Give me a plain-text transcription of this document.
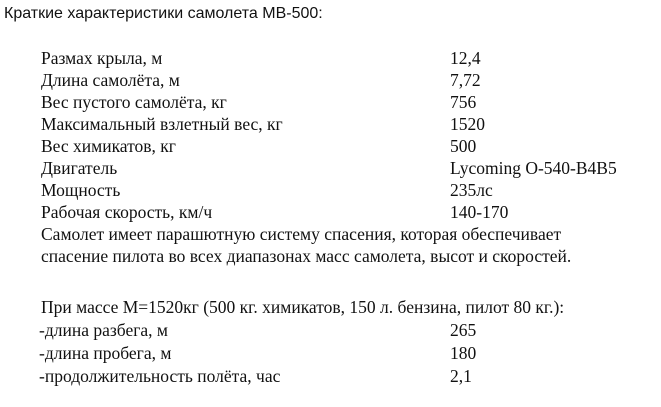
Краткие характеристики самолета МВ-500:
Размах крыла, м	12,4
Длина самолёта, м	7,72
Вес пустого самолёта, кг	756
Максимальный взлетный вес, кг	1520
Вес химикатов, кг	500
Двигатель	Lycoming O-540-B4B5
Мощность	235лс
Рабочая скорость, км/ч	140-170
Самолет имеет парашютную систему спасения, которая обеспечивает
спасение пилота во всех диапазонах масс самолета, высот и скоростей.
При массе М=1520кг (500 кг. химикатов, 150 л. бензина, пилот 80 кг.):
-длина разбега, м	265
-длина пробега, м	180
-продолжительность полёта, час	2,1
